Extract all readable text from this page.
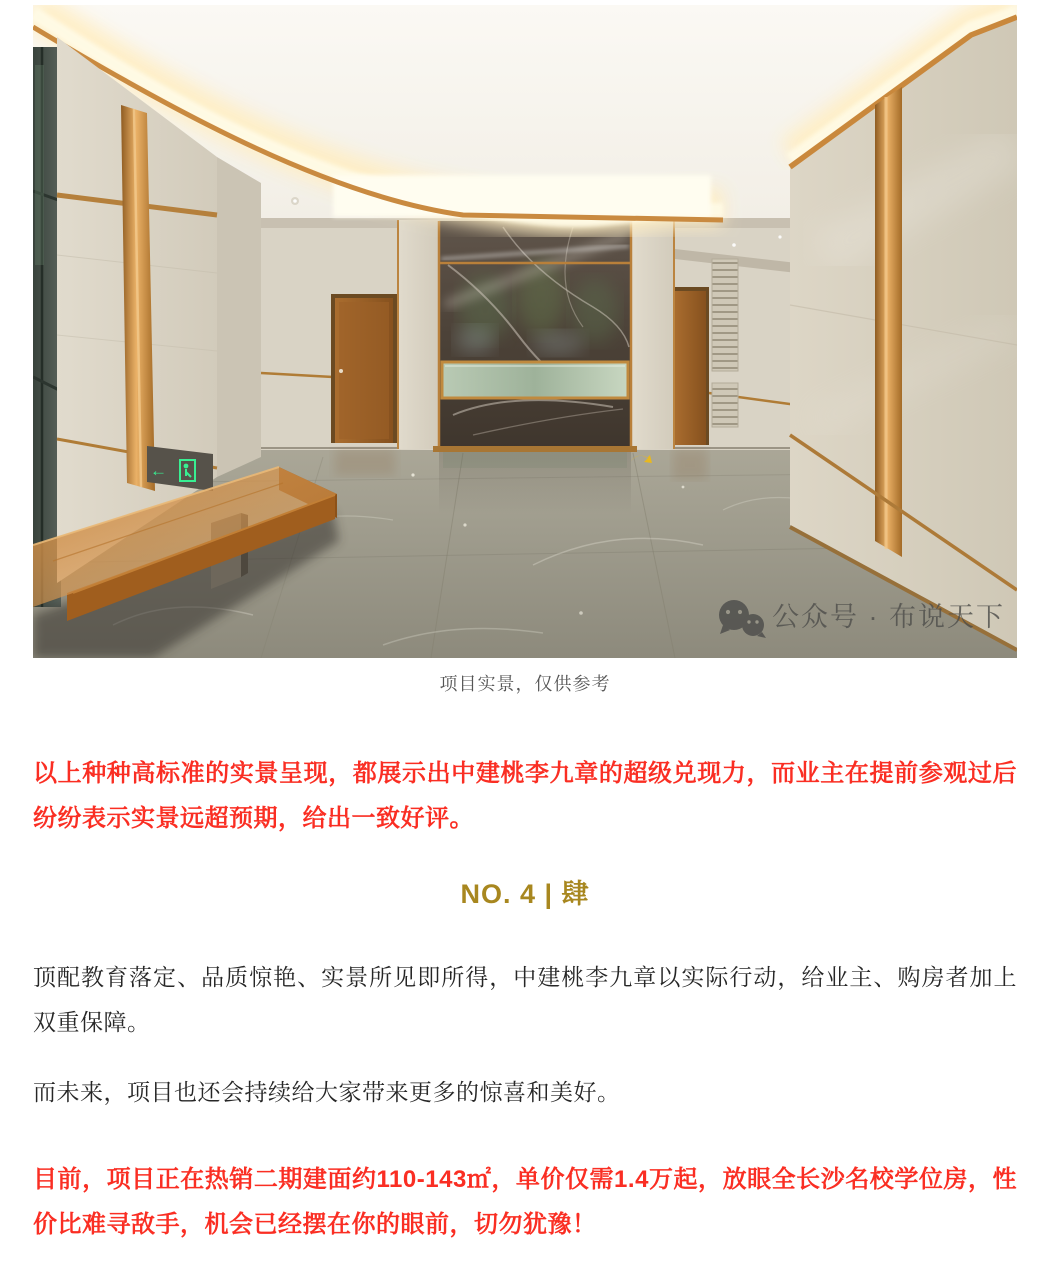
←
公众号 · 布说天下
项目实景，仅供参考

以上种种高标准的实景呈现，都展示出中建桃李九章的超级兑现力，而业主在提前参观过后纷纷表示实景远超预期，给出一致好评。

NO. 4 | 肆

顶配教育落定、品质惊艳、实景所见即所得，中建桃李九章以实际行动，给业主、购房者加上双重保障。

而未来，项目也还会持续给大家带来更多的惊喜和美好。

目前，项目正在热销二期建面约110-143㎡，单价仅需1.4万起，放眼全长沙名校学位房，性价比难寻敌手，机会已经摆在你的眼前，切勿犹豫！
